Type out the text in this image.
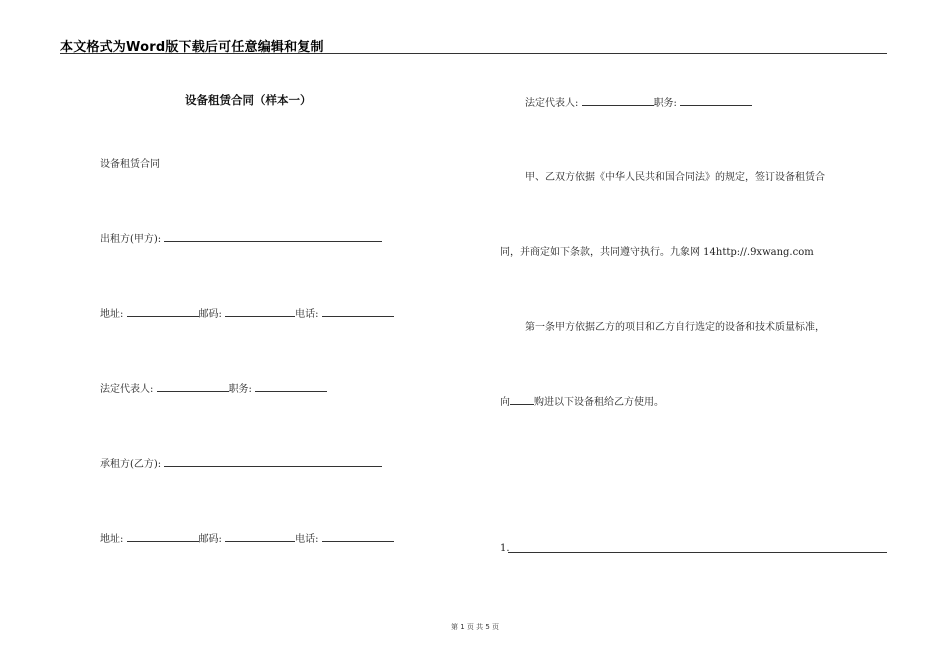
本文格式为Word版下载后可任意编辑和复制
设备租赁合同（样本一）
设备租赁合同
出租方(甲方):
地址:	邮码:	电话:
法定代表人:	职务:
承租方(乙方):
地址:	邮码:	电话:
法定代表人:	职务:
甲、乙双方依据《中华人民共和国合同法》的规定，签订设备租赁合
同，并商定如下条款，共同遵守执行。九象网 14http://.9xwang.com
第一条甲方依据乙方的项目和乙方自行选定的设备和技术质量标准，
向 购进以下设备租给乙方使用。
1.
第 1 页 共 5 页
